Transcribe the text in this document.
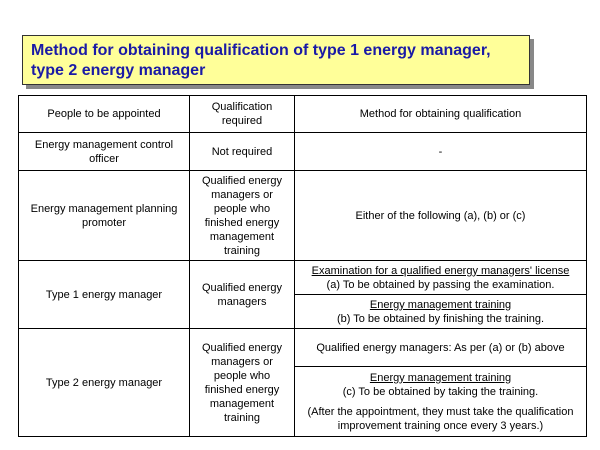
Method for obtaining qualification of type 1 energy manager,
type 2 energy manager
People to be appointed	Qualification required	Method for obtaining qualification
Energy management control officer	Not required	-
Energy management planning promoter	Qualified energy managers or people who finished energy management training	Either of the following (a), (b) or (c)
Type 1 energy manager	Qualified energy managers	Examination for a qualified energy managers' license
(a) To be obtained by passing the examination.

		Energy management training
(b) To be obtained by finishing the training.

Type 2 energy manager	Qualified energy managers or people who finished energy management training	Qualified energy managers: As per (a) or (b) above

		Energy management training
(c) To be obtained by taking the training.
(After the appointment, they must take the qualification improvement training once every 3 years.)
